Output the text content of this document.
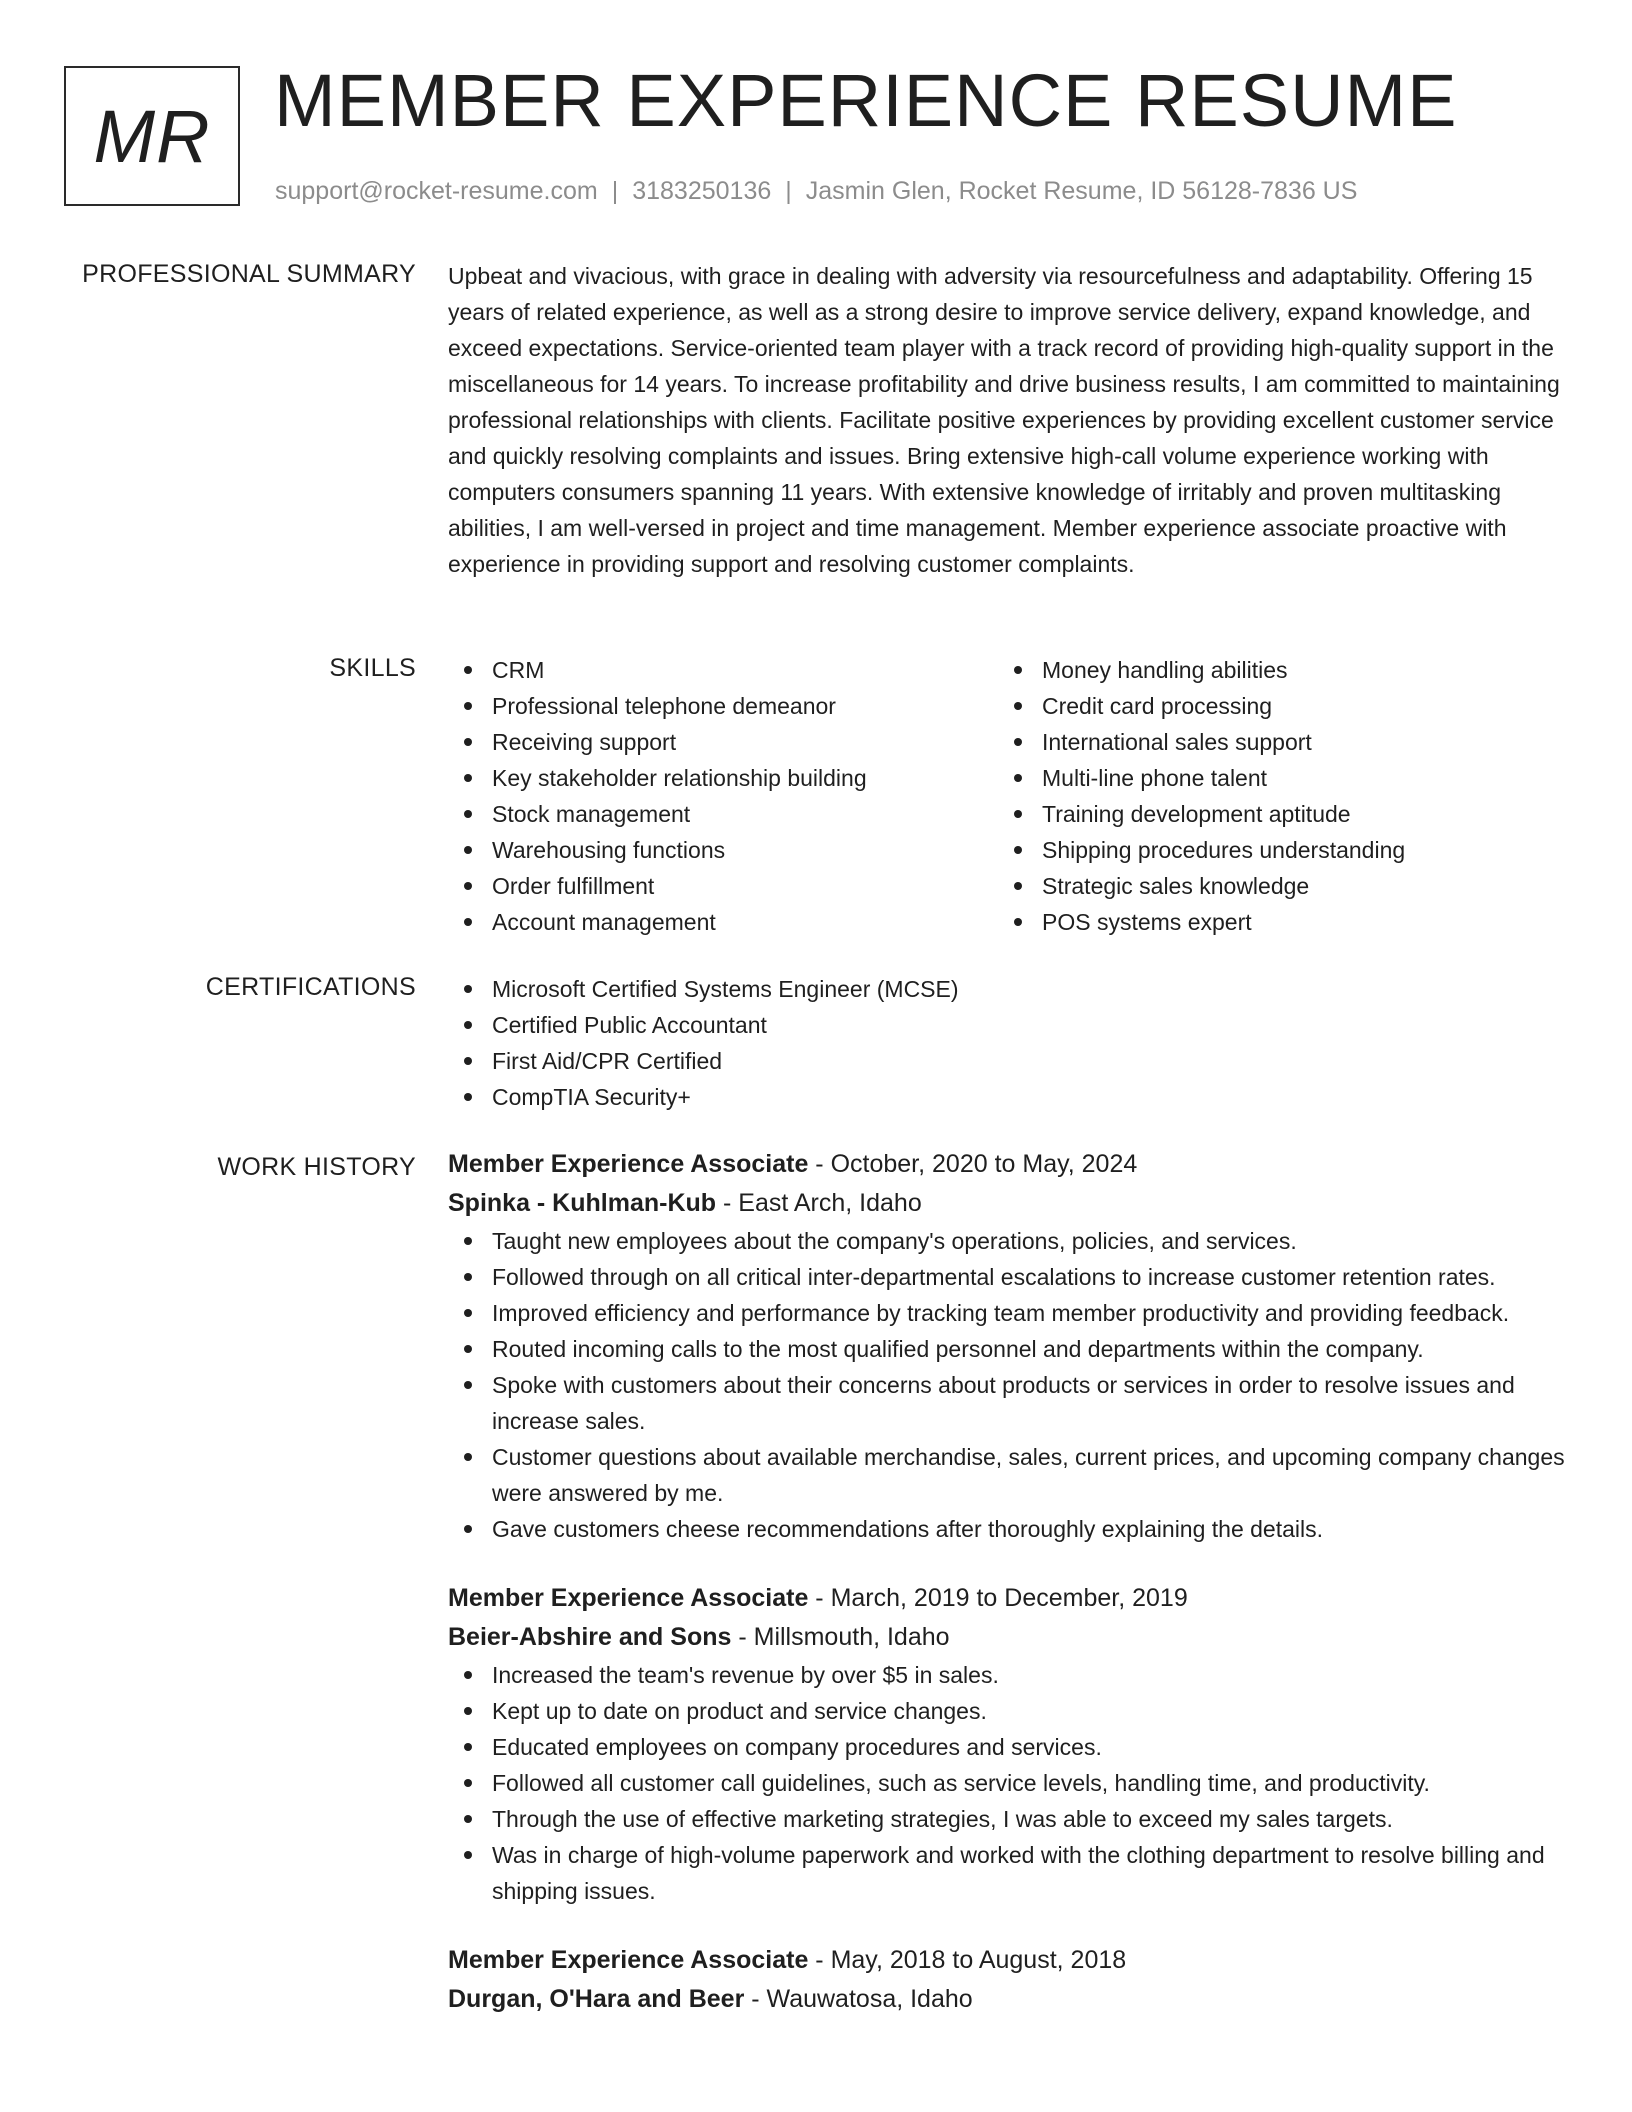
MR MEMBER EXPERIENCE RESUME
support@rocket-resume.com | 3183250136 | Jasmin Glen, Rocket Resume, ID 56128-7836 US
PROFESSIONAL SUMMARY Upbeat and vivacious, with grace in dealing with adversity via resourcefulness and adaptability. Offering 15 years of related experience, as well as a strong desire to improve service delivery, expand knowledge, and exceed expectations. Service-oriented team player with a track record of providing high-quality support in the miscellaneous for 14 years. To increase profitability and drive business results, I am committed to maintaining professional relationships with clients. Facilitate positive experiences by providing excellent customer service and quickly resolving complaints and issues. Bring extensive high-call volume experience working with computers consumers spanning 11 years. With extensive knowledge of irritably and proven multitasking abilities, I am well-versed in project and time management. Member experience associate proactive with experience in providing support and resolving customer complaints.

SKILLS	CRM
Professional telephone demeanor
Receiving support
Key stakeholder relationship building
Stock management
Warehousing functions
Order fulfillment
Account management
Money handling abilities
Credit card processing
International sales support
Multi-line phone talent
Training development aptitude
Shipping procedures understanding
Strategic sales knowledge
POS systems expert
CERTIFICATIONS	Microsoft Certified Systems Engineer (MCSE)
Certified Public Accountant
First Aid/CPR Certified
CompTIA Security+
WORK HISTORY Member Experience Associate - October, 2020 to May, 2024
Spinka - Kuhlman-Kub - East Arch, Idaho
Taught new employees about the company's operations, policies, and services.
Followed through on all critical inter-departmental escalations to increase customer retention rates.
Improved efficiency and performance by tracking team member productivity and providing feedback.
Routed incoming calls to the most qualified personnel and departments within the company.
Spoke with customers about their concerns about products or services in order to resolve issues and increase sales.
Customer questions about available merchandise, sales, current prices, and upcoming company changes were answered by me.
Gave customers cheese recommendations after thoroughly explaining the details.
Member Experience Associate - March, 2019 to December, 2019
Beier-Abshire and Sons - Millsmouth, Idaho
Increased the team's revenue by over $5 in sales.
Kept up to date on product and service changes.
Educated employees on company procedures and services.
Followed all customer call guidelines, such as service levels, handling time, and productivity.
Through the use of effective marketing strategies, I was able to exceed my sales targets.
Was in charge of high-volume paperwork and worked with the clothing department to resolve billing and shipping issues.
Member Experience Associate - May, 2018 to August, 2018
Durgan, O'Hara and Beer - Wauwatosa, Idaho
